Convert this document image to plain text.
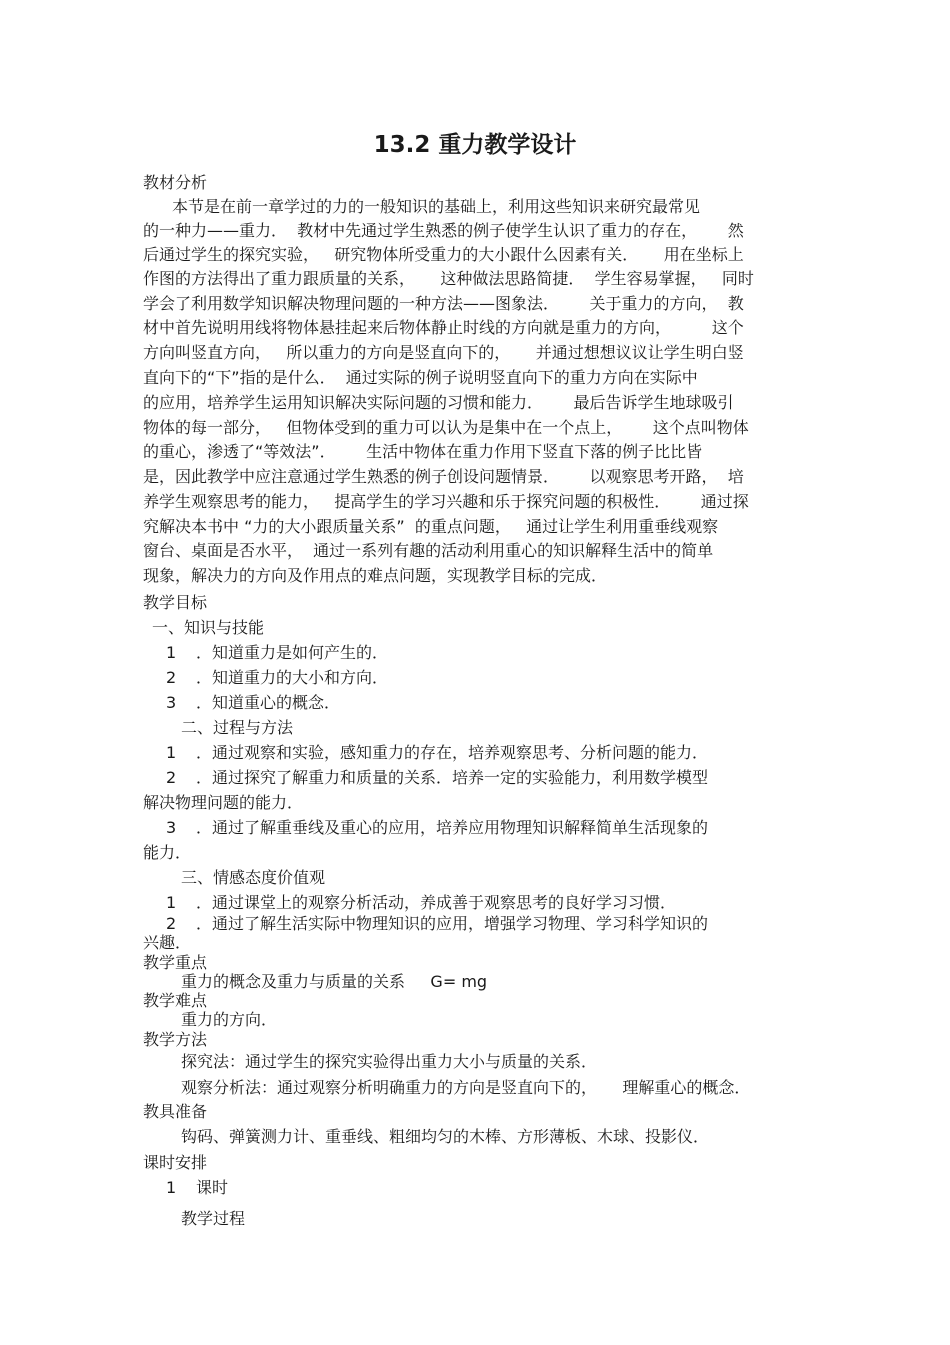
13.2 重力教学设计
教材分析
本节是在前一章学过的力的一般知识的基础上，利用这些知识来研究最常见
的一种力——重力．  教材中先通过学生熟悉的例子使学生认识了重力的存在，      然
后通过学生的探究实验，   研究物体所受重力的大小跟什么因素有关．     用在坐标上
作图的方法得出了重力跟质量的关系，     这种做法思路简捷．  学生容易掌握，   同时
学会了利用数学知识解决物理问题的一种方法——图象法．      关于重力的方向，  教
材中首先说明用线将物体悬挂起来后物体静止时线的方向就是重力的方向，        这个
方向叫竖直方向，   所以重力的方向是竖直向下的，     并通过想想议议让学生明白竖
直向下的“下”指的是什么．  通过实际的例子说明竖直向下的重力方向在实际中
的应用，培养学生运用知识解决实际问题的习惯和能力．      最后告诉学生地球吸引
物体的每一部分，   但物体受到的重力可以认为是集中在一个点上，      这个点叫物体
的重心，渗透了“等效法”．      生活中物体在重力作用下竖直下落的例子比比皆
是，因此教学中应注意通过学生熟悉的例子创设问题情景．      以观察思考开路，  培
养学生观察思考的能力，   提高学生的学习兴趣和乐于探究问题的积极性．      通过探
究解决本书中 “力的大小跟质量关系”  的重点问题，   通过让学生利用重垂线观察
窗台、桌面是否水平，  通过一系列有趣的活动利用重心的知识解释生活中的简单
现象，解决力的方向及作用点的难点问题，实现教学目标的完成．
教学目标
一、知识与技能
1 ．知道重力是如何产生的．
2 ．知道重力的大小和方向．
3 ．知道重心的概念．
二、过程与方法
1 ．通过观察和实验，感知重力的存在，培养观察思考、分析问题的能力．
2 ．通过探究了解重力和质量的关系．培养一定的实验能力，利用数学模型
解决物理问题的能力．
3 ．通过了解重垂线及重心的应用，培养应用物理知识解释简单生活现象的
能力．
三、情感态度价值观
1 ．通过课堂上的观察分析活动，养成善于观察思考的良好学习习惯．
2 ．通过了解生活实际中物理知识的应用，增强学习物理、学习科学知识的
兴趣．
教学重点
重力的概念及重力与质量的关系     G= mg
教学难点
重力的方向．
教学方法
探究法：通过学生的探究实验得出重力大小与质量的关系．
观察分析法：通过观察分析明确重力的方向是竖直向下的，     理解重心的概念．
教具准备
钩码、弹簧测力计、重垂线、粗细均匀的木棒、方形薄板、木球、投影仪．
课时安排
1 课时
教学过程
